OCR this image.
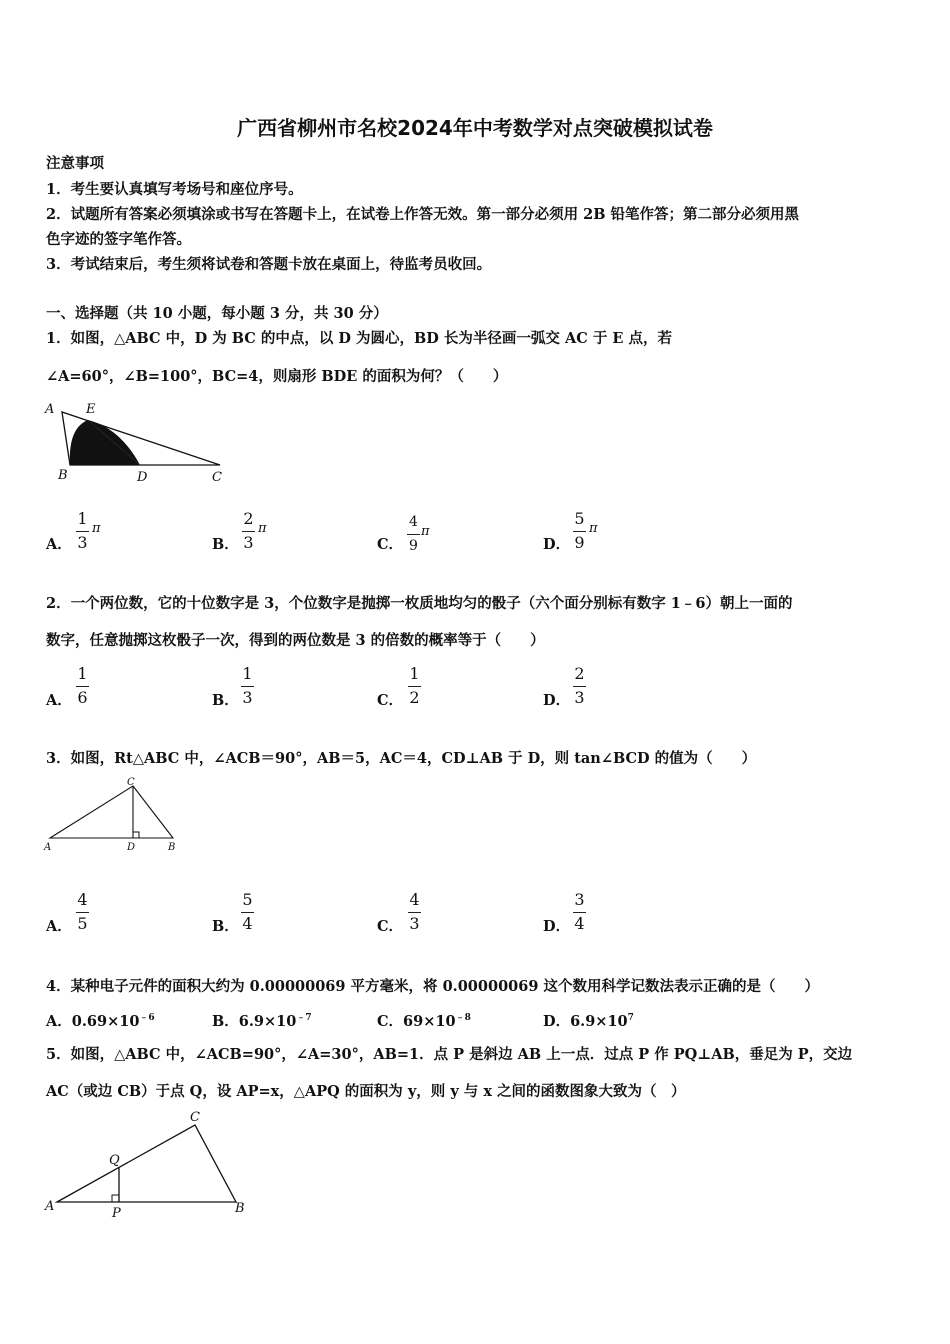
广西省柳州市名校2024年中考数学对点突破模拟试卷
注意事项
1．考生要认真填写考场号和座位序号。
2．试题所有答案必须填涂或书写在答题卡上，在试卷上作答无效。第一部分必须用 2B 铅笔作答；第二部分必须用黑
色字迹的签字笔作答。
3．考试结束后，考生须将试卷和答题卡放在桌面上，待监考员收回。
一、选择题（共 10 小题，每小题 3 分，共 30 分）
1．如图，△ABC 中，D 为 BC 的中点，以 D 为圆心，BD 长为半径画一弧交 AC 于 E 点，若
∠A=60°，∠B=100°，BC=4，则扇形 BDE 的面积为何？（　　）
A E
B	D	C
A．
1
3
π
B．
2
3
π
C．
4
9
π
D．
5
9
π
2．一个两位数，它的十位数字是 3，个位数字是抛掷一枚质地均匀的骰子（六个面分别标有数字 1﹣6）朝上一面的
数字，任意抛掷这枚骰子一次，得到的两位数是 3 的倍数的概率等于（　　）
A．
1
6	B．
1
3	C．
1
2	D．
2
3
3．如图，Rt△ABC 中，∠ACB＝90°，AB＝5，AC＝4，CD⊥AB 于 D，则 tan∠BCD 的值为（　　）
C
A	D	B
A．
4
5	B．
5
4	C．
4
3	D．
3
4
4．某种电子元件的面积大约为 0.00000069 平方毫米，将 0.00000069 这个数用科学记数法表示正确的是（　　）
A．$0.69\times 10^{﹣6}$	B．$6.9\times 10^{﹣7}$	C．$69\times 10^{﹣8}$	D．$6.9\times 10^7$
5．如图，△ABC 中，∠ACB=90°，∠A=30°，AB=1．点 P 是斜边 AB 上一点．过点 P 作 PQ⊥AB，垂足为 P，交边
AC（或边 CB）于点 Q，设 AP=x，△APQ 的面积为 y，则 y 与 x 之间的函数图象大致为（　）
C
Q
A	P	B
